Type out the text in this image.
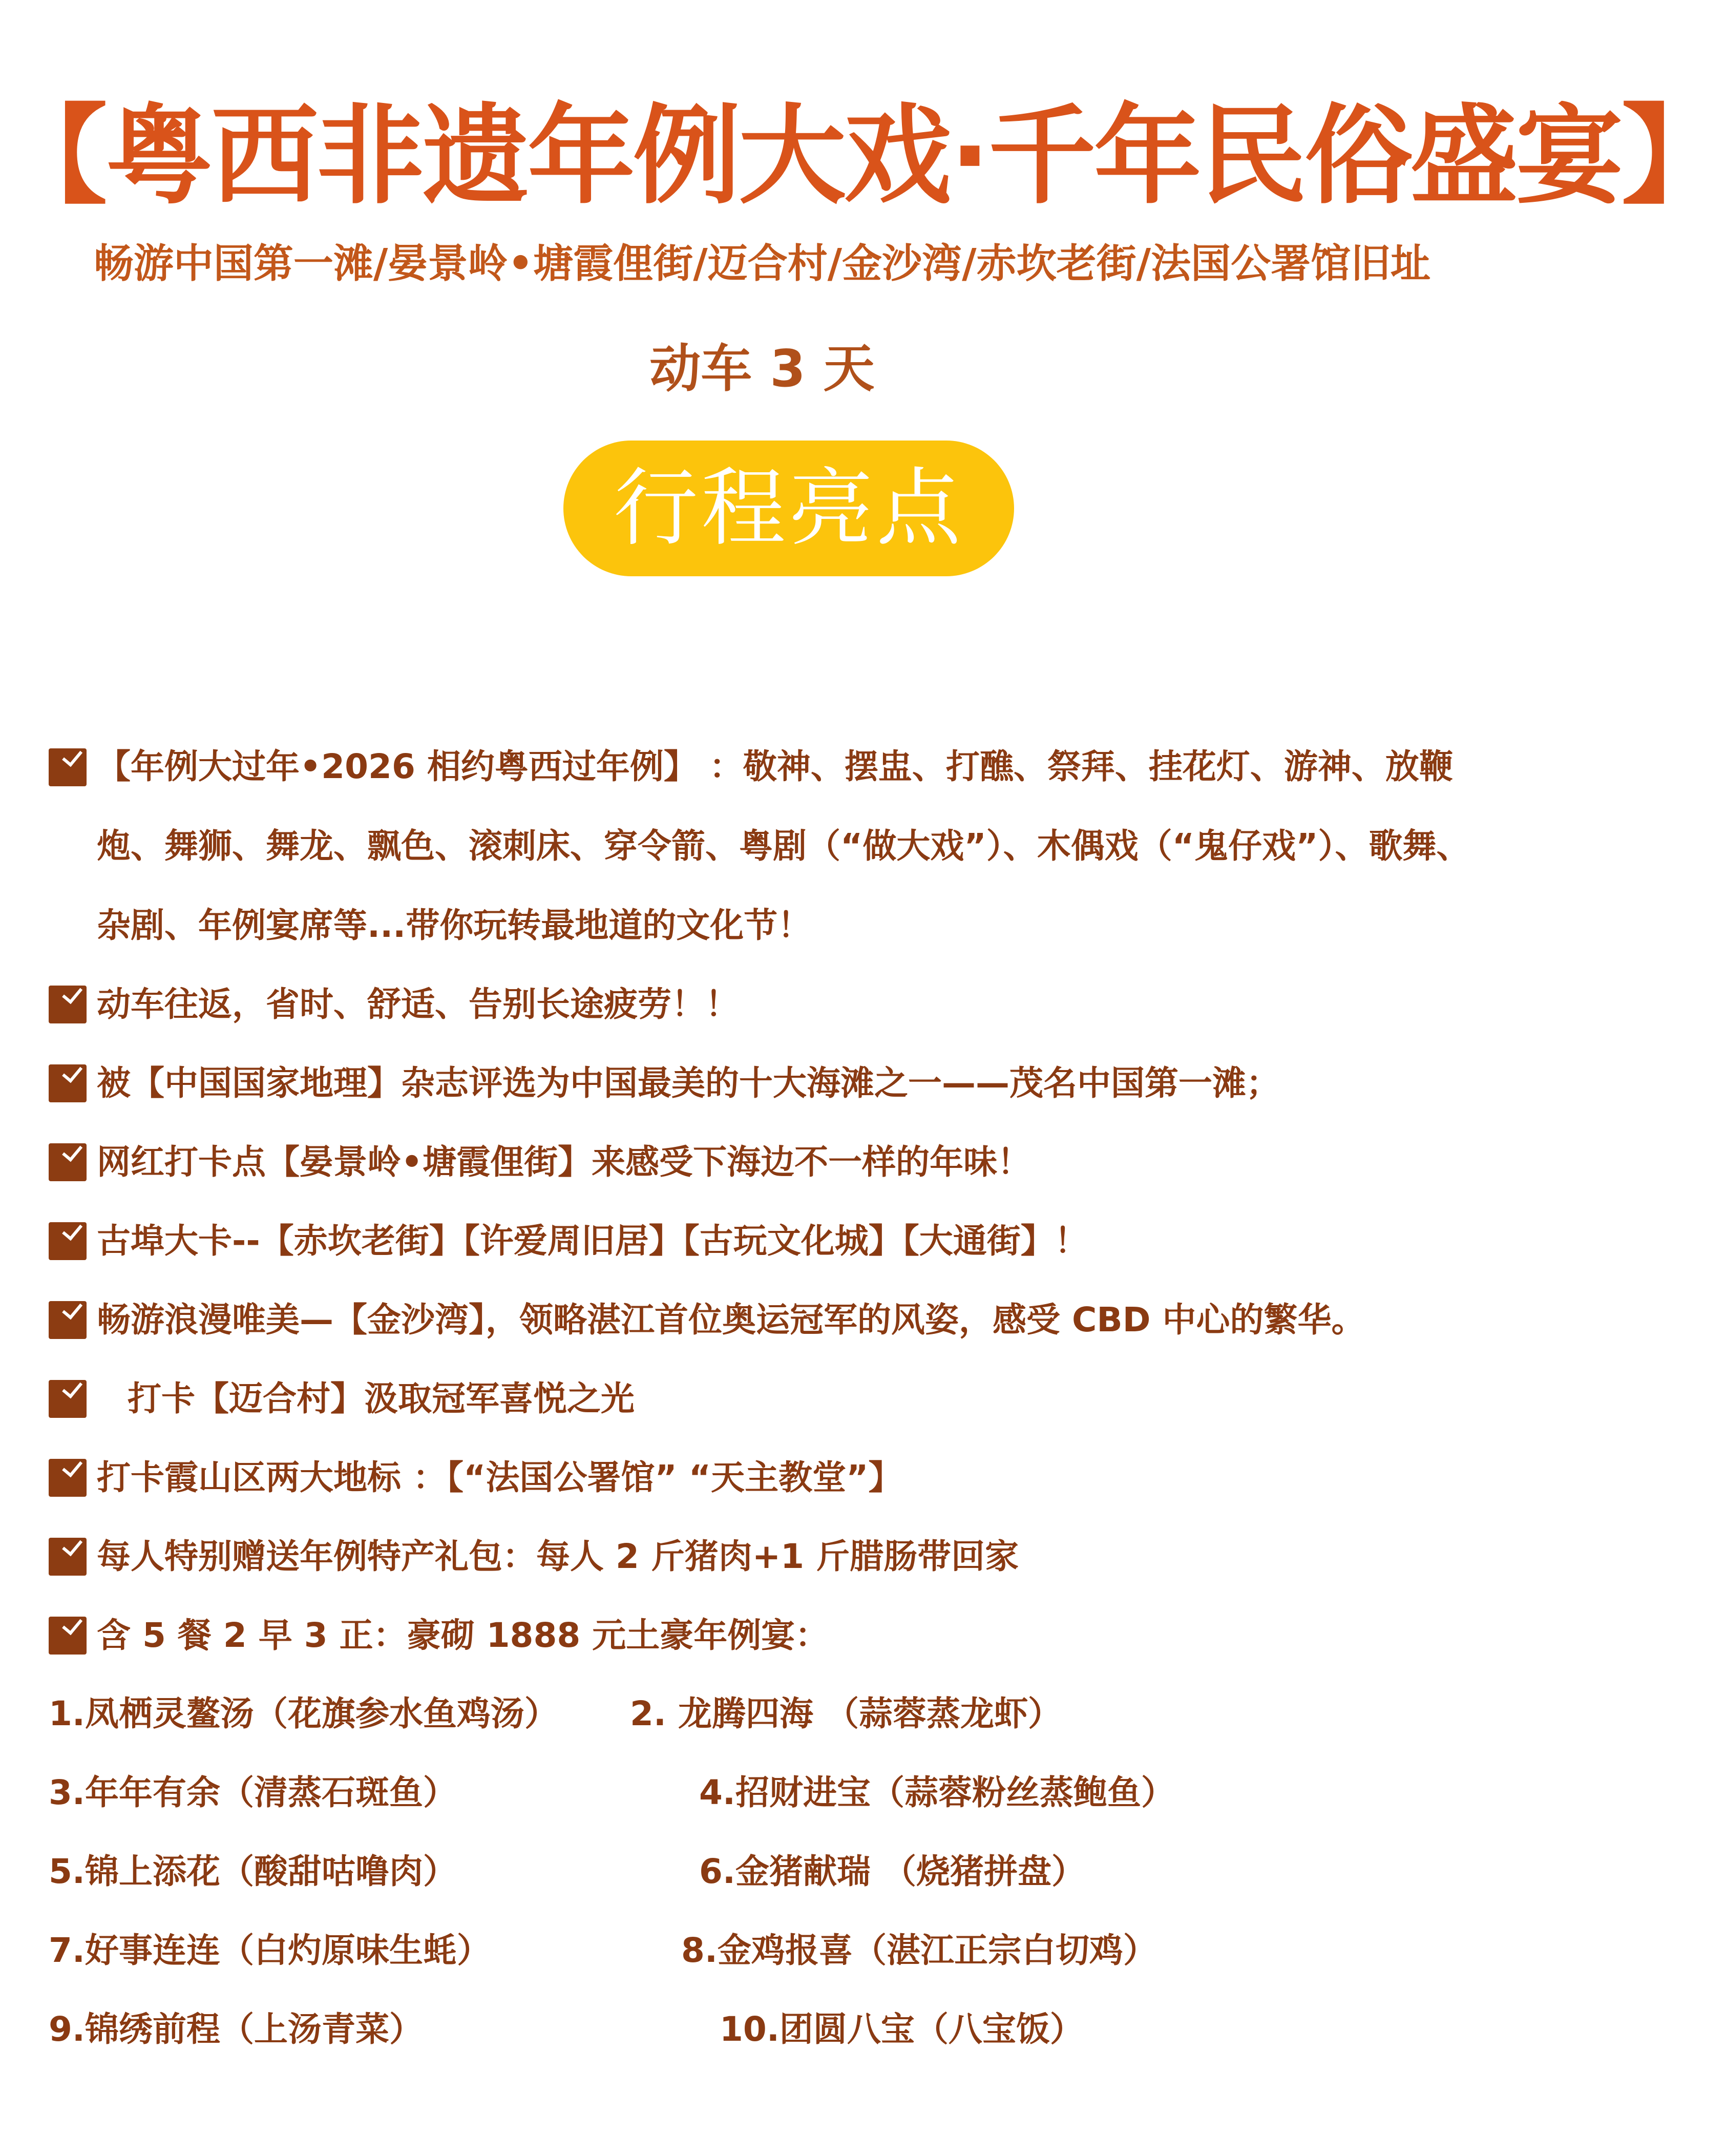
【粤西非遗年例大戏·千年民俗盛宴】
畅游中国第一滩/晏景岭•塘霞俚街/迈合村/金沙湾/赤坎老街/法国公署馆旧址
动车 3 天
行程亮点
【年例大过年•2026 相约粤西过年例】 ：敬神、摆盅、打醮、祭拜、挂花灯、游神、放鞭炮、舞狮、舞龙、飘色、滚刺床、穿令箭、粤剧（“做大戏”）、木偶戏（“鬼仔戏”）、歌舞、杂剧、年例宴席等...带你玩转最地道的文化节！
动车往返，省时、舒适、告别长途疲劳！！
被【中国国家地理】杂志评选为中国最美的十大海滩之一——茂名中国第一滩；
网红打卡点【晏景岭•塘霞俚街】来感受下海边不一样的年味！
古埠大卡--【赤坎老街】【许爱周旧居】【古玩文化城】【大通街】！
畅游浪漫唯美—【金沙湾】，领略湛江首位奥运冠军的风姿，感受 CBD 中心的繁华。
打卡【迈合村】汲取冠军喜悦之光
打卡霞山区两大地标 ：【“法国公署馆” “天主教堂”】
每人特别赠送年例特产礼包：每人 2 斤猪肉+1 斤腊肠带回家
含 5 餐 2 早 3 正：豪砌 1888 元土豪年例宴：
1.凤栖灵鳌汤（花旗参水鱼鸡汤） 2. 龙腾四海 （蒜蓉蒸龙虾）
3.年年有余（清蒸石斑鱼）	4.招财进宝（蒜蓉粉丝蒸鲍鱼）
5.锦上添花（酸甜咕噜肉）	6.金猪献瑞 （烧猪拼盘）
7.好事连连（白灼原味生蚝）	8.金鸡报喜（湛江正宗白切鸡）
9.锦绣前程（上汤青菜）	10.团圆八宝（八宝饭）
